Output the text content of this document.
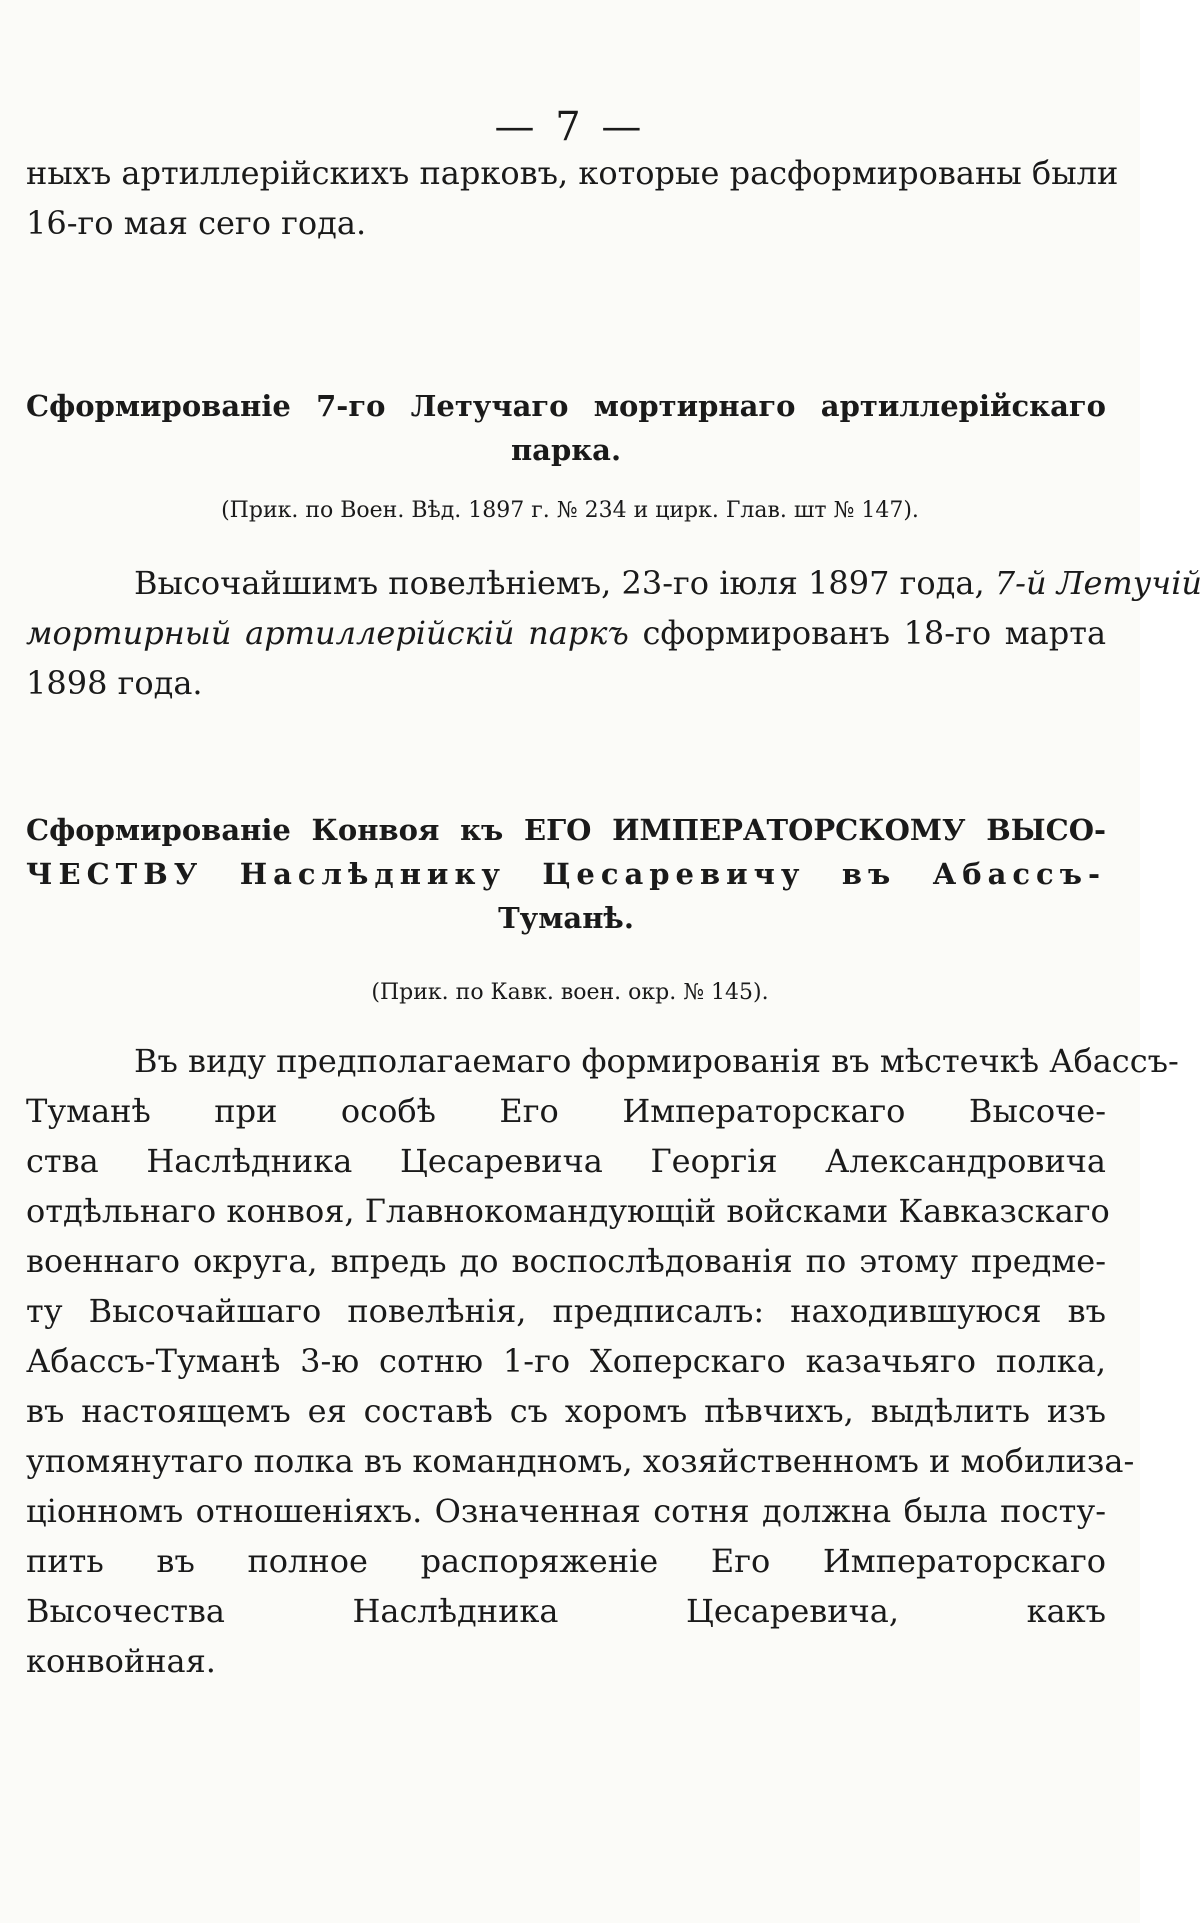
— 7 —
ныхъ артиллерійскихъ парковъ, которые расформированы были
16-го мая сего года.
Сформированіе 7-го Летучаго мортирнаго артиллерійскаго
парка.
(Прик. по Воен. Вѣд. 1897 г. № 234 и цирк. Глав. шт № 147).
Высочайшимъ повелѣніемъ, 23-го іюля 1897 года, 7-й Летучій
мортирный артиллерійскій паркъ сформированъ 18-го марта
1898 года.
Сформированіе Конвоя къ ЕГО ИМПЕРАТОРСКОМУ ВЫСО-
ЧЕСТВУ Наслѣднику Цесаревичу въ Абассъ-
Туманѣ.
(Прик. по Кавк. воен. окр. № 145).
Въ виду предполагаемаго формированія въ мѣстечкѣ Абассъ-
Туманѣ при особѣ Его Императорскаго Высоче-
ства Наслѣдника Цесаревича Георгія Александровича
отдѣльнаго конвоя, Главнокомандующій войсками Кавказскаго
военнаго округа, впредь до воспослѣдованія по этому предме-
ту Высочайшаго повелѣнія, предписалъ: находившуюся въ
Абассъ-Туманѣ 3-ю сотню 1-го Хоперскаго казачьяго полка,
въ настоящемъ ея составѣ съ хоромъ пѣвчихъ, выдѣлить изъ
упомянутаго полка въ командномъ, хозяйственномъ и мобилиза-
ціонномъ отношеніяхъ. Означенная сотня должна была посту-
пить въ полное распоряженіе Его Императорскаго
Высочества Наслѣдника Цесаревича, какъ
конвойная.
